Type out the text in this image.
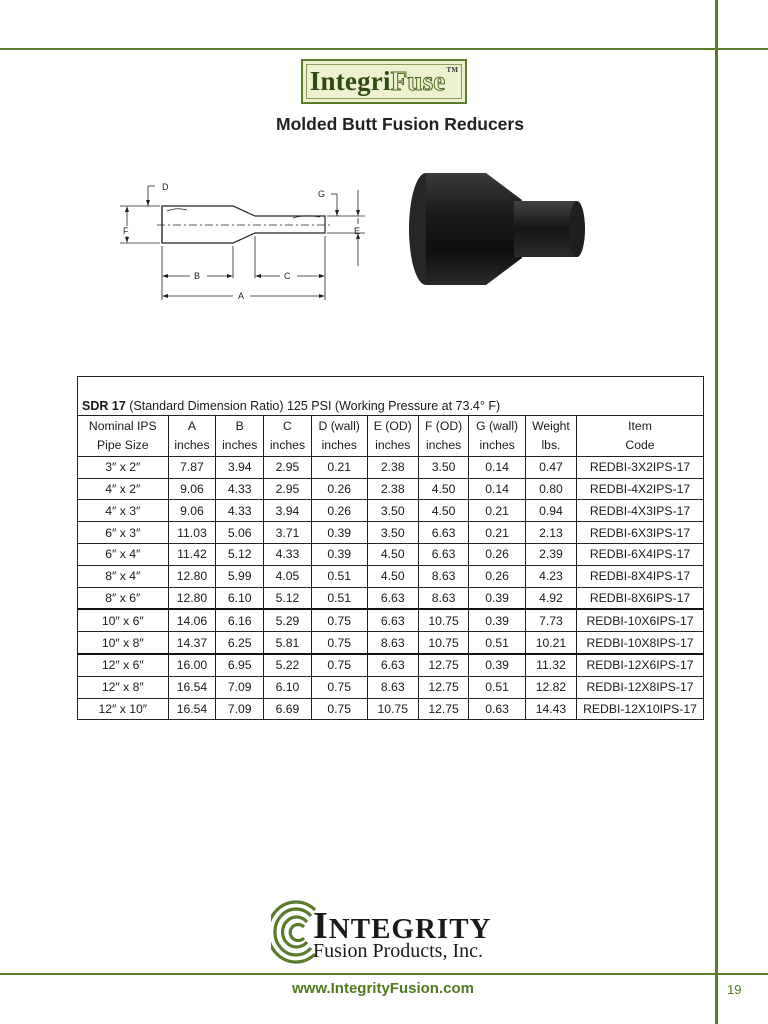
IntegriFuse™
Molded Butt Fusion Reducers
D
G
F	E
B	C
A
SDR 17 (Standard Dimension Ratio) 125 PSI (Working Pressure at 73.4° F)									
Nominal IPS	A	B	C	D (wall)	E (OD)	F (OD)	G (wall)	Weight	Item
Pipe Size	inches	inches	inches	inches	inches	inches	inches	lbs.	Code
3″ x 2″	7.87	3.94	2.95	0.21	2.38	3.50	0.14	0.47	REDBI-3X2IPS-17
4″ x 2″	9.06	4.33	2.95	0.26	2.38	4.50	0.14	0.80	REDBI-4X2IPS-17
4″ x 3″	9.06	4.33	3.94	0.26	3.50	4.50	0.21	0.94	REDBI-4X3IPS-17
6″ x 3″	11.03	5.06	3.71	0.39	3.50	6.63	0.21	2.13	REDBI-6X3IPS-17
6″ x 4″	11.42	5.12	4.33	0.39	4.50	6.63	0.26	2.39	REDBI-6X4IPS-17
8″ x 4″	12.80	5.99	4.05	0.51	4.50	8.63	0.26	4.23	REDBI-8X4IPS-17
8″ x 6″	12.80	6.10	5.12	0.51	6.63	8.63	0.39	4.92	REDBI-8X6IPS-17
10″ x 6″	14.06	6.16	5.29	0.75	6.63	10.75	0.39	7.73	REDBI-10X6IPS-17
10″ x 8″	14.37	6.25	5.81	0.75	8.63	10.75	0.51	10.21	REDBI-10X8IPS-17
12″ x 6″	16.00	6.95	5.22	0.75	6.63	12.75	0.39	11.32	REDBI-12X6IPS-17
12″ x 8″	16.54	7.09	6.10	0.75	8.63	12.75	0.51	12.82	REDBI-12X8IPS-17
12″ x 10″	16.54	7.09	6.69	0.75	10.75	12.75	0.63	14.43	REDBI-12X10IPS-17
INTEGRITY
Fusion Products, Inc.
www.IntegrityFusion.com	19
